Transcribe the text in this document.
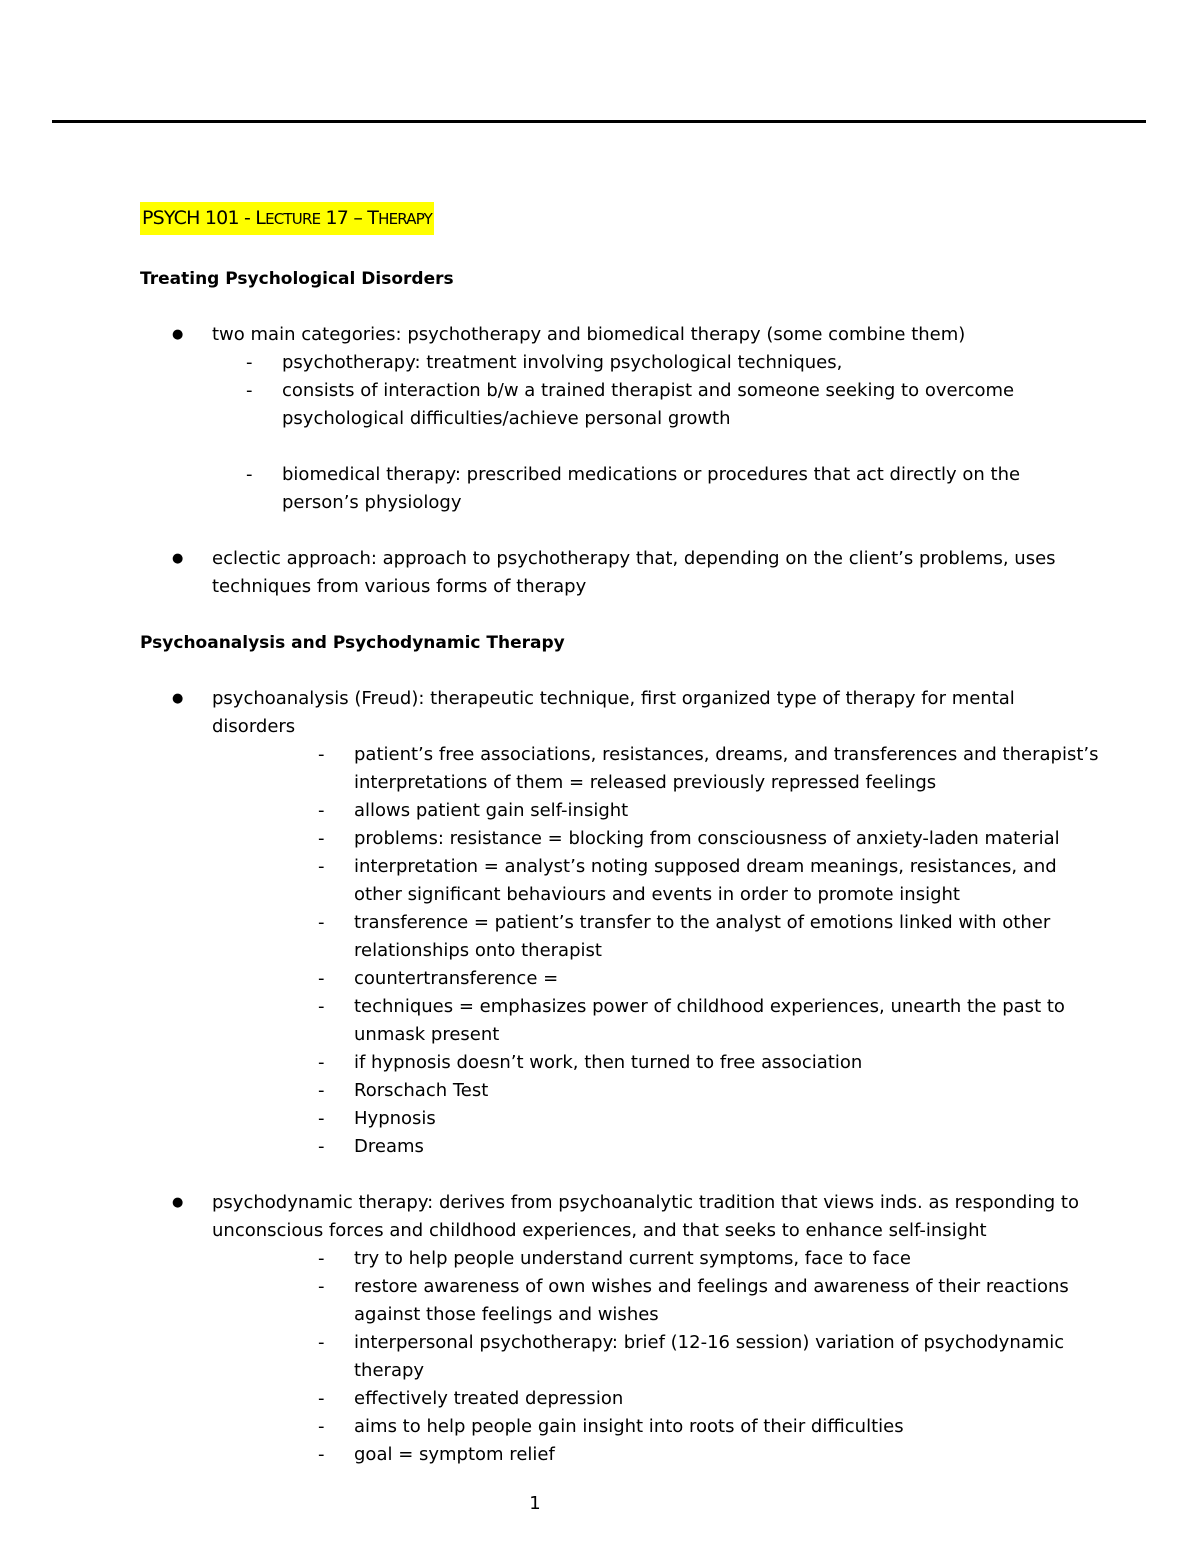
PSYCH 101 - LECTURE 17 – THERAPY
Treating Psychological Disorders
● two main categories: psychotherapy and biomedical therapy (some combine them)
- psychotherapy: treatment involving psychological techniques,
- consists of interaction b/w a trained therapist and someone seeking to overcome psychological difficulties/achieve personal growth
- biomedical therapy: prescribed medications or procedures that act directly on the person’s physiology
● eclectic approach: approach to psychotherapy that, depending on the client’s problems, uses techniques from various forms of therapy
Psychoanalysis and Psychodynamic Therapy
● psychoanalysis (Freud): therapeutic technique, first organized type of therapy for mental disorders
- patient’s free associations, resistances, dreams, and transferences and therapist’s interpretations of them = released previously repressed feelings
- allows patient gain self-insight
- problems: resistance = blocking from consciousness of anxiety-laden material
- interpretation = analyst’s noting supposed dream meanings, resistances, and other significant behaviours and events in order to promote insight
- transference = patient’s transfer to the analyst of emotions linked with other relationships onto therapist
- countertransference =
- techniques = emphasizes power of childhood experiences, unearth the past to unmask present
- if hypnosis doesn’t work, then turned to free association
- Rorschach Test
- Hypnosis
- Dreams
● psychodynamic therapy: derives from psychoanalytic tradition that views inds. as responding to unconscious forces and childhood experiences, and that seeks to enhance self-insight
- try to help people understand current symptoms, face to face
- restore awareness of own wishes and feelings and awareness of their reactions against those feelings and wishes
- interpersonal psychotherapy: brief (12-16 session) variation of psychodynamic therapy
- effectively treated depression
- aims to help people gain insight into roots of their difficulties
- goal = symptom relief
1
